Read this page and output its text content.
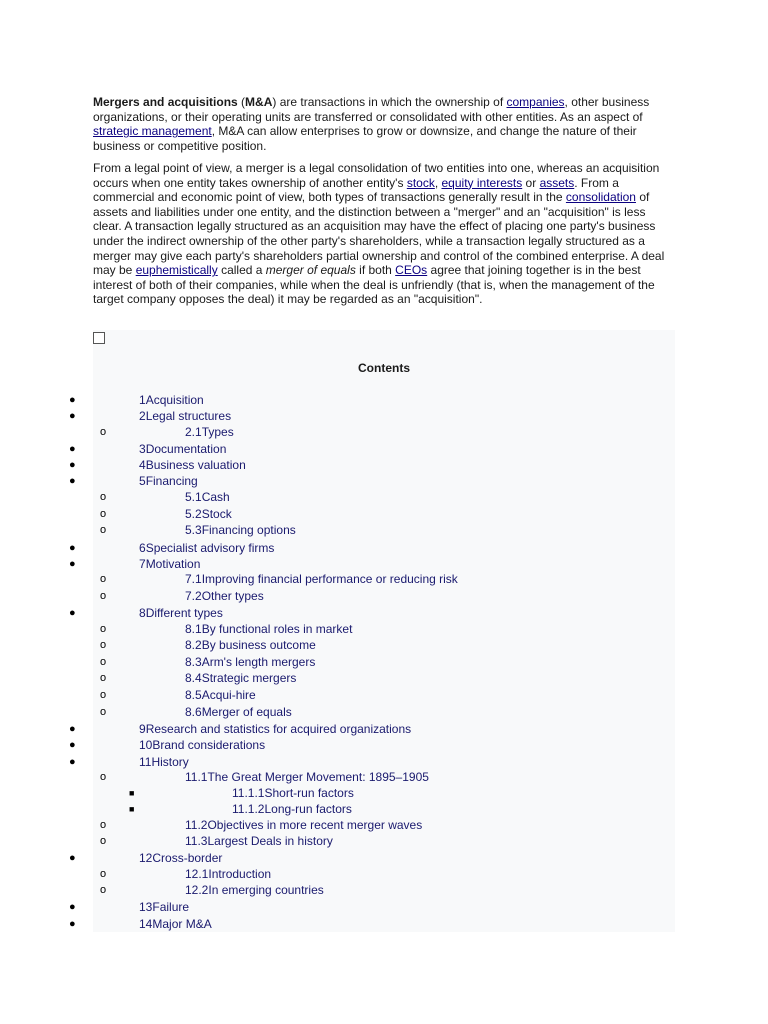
Mergers and acquisitions (M&A) are transactions in which the ownership of companies, other business organizations, or their operating units are transferred or consolidated with other entities. As an aspect of strategic management, M&A can allow enterprises to grow or downsize, and change the nature of their business or competitive position.

From a legal point of view, a merger is a legal consolidation of two entities into one, whereas an acquisition occurs when one entity takes ownership of another entity's stock, equity interests or assets. From a commercial and economic point of view, both types of transactions generally result in the consolidation of assets and liabilities under one entity, and the distinction between a "merger" and an "acquisition" is less clear. A transaction legally structured as an acquisition may have the effect of placing one party's business under the indirect ownership of the other party's shareholders, while a transaction legally structured as a merger may give each party's shareholders partial ownership and control of the combined enterprise. A deal may be euphemistically called a merger of equals if both CEOs agree that joining together is in the best interest of both of their companies, while when the deal is unfriendly (that is, when the management of the target company opposes the deal) it may be regarded as an "acquisition".

Contents
●	1Acquisition
●	2Legal structures
o	2.1Types
●	3Documentation
●	4Business valuation
●	5Financing
o	5.1Cash
o	5.2Stock
o	5.3Financing options
●	6Specialist advisory firms
●	7Motivation
o	7.1Improving financial performance or reducing risk
o	7.2Other types
●	8Different types
o	8.1By functional roles in market
o	8.2By business outcome
o	8.3Arm's length mergers
o	8.4Strategic mergers
o	8.5Acqui-hire
o	8.6Merger of equals
●	9Research and statistics for acquired organizations
●	10Brand considerations
●	11History
o	11.1The Great Merger Movement: 1895–1905
■	11.1.1Short-run factors
■	11.1.2Long-run factors
o	11.2Objectives in more recent merger waves
o	11.3Largest Deals in history
●	12Cross-border
o	12.1Introduction
o	12.2In emerging countries
●	13Failure
●	14Major M&A
